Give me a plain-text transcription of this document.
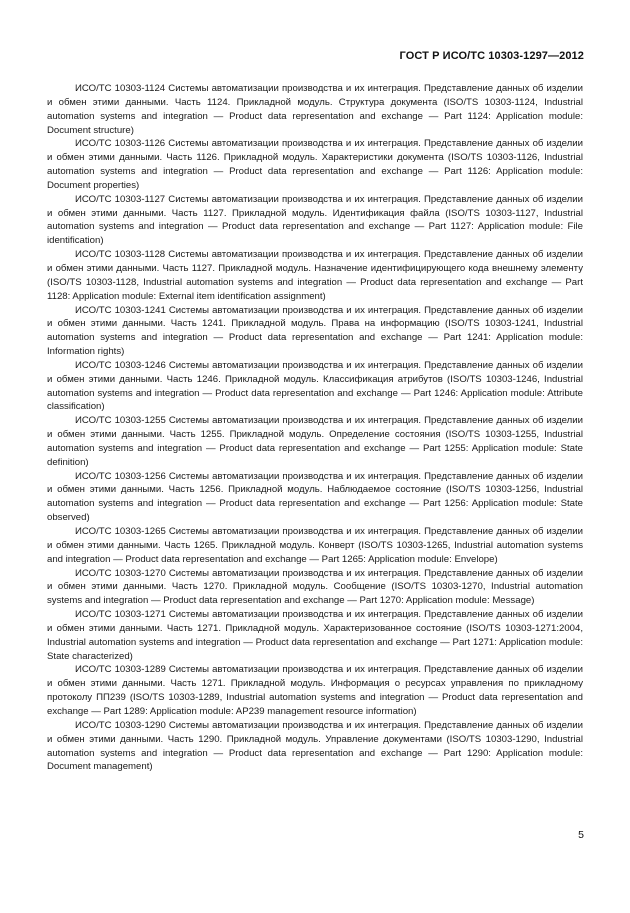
ГОСТ Р ИСО/ТС 10303-1297—2012

ИСО/ТС 10303-1124 Системы автоматизации производства и их интеграция. Представление данных об изделии и обмен этими данными. Часть 1124. Прикладной модуль. Структура документа (ISO/TS 10303-1124, Industrial automation systems and integration — Product data representation and exchange — Part 1124: Application module: Document structure)

ИСО/ТС 10303-1126 Системы автоматизации производства и их интеграция. Представление данных об изделии и обмен этими данными. Часть 1126. Прикладной модуль. Характеристики документа (ISO/TS 10303-1126, Industrial automation systems and integration — Product data representation and exchange — Part 1126: Application module: Document properties)

ИСО/ТС 10303-1127 Системы автоматизации производства и их интеграция. Представление данных об изделии и обмен этими данными. Часть 1127. Прикладной модуль. Идентификация файла (ISO/TS 10303-1127, Industrial automation systems and integration — Product data representation and exchange — Part 1127: Application module: File identification)

ИСО/ТС 10303-1128 Системы автоматизации производства и их интеграция. Представление данных об изделии и обмен этими данными. Часть 1127. Прикладной модуль. Назначение идентифицирующего кода внешнему элементу (ISO/TS 10303-1128, Industrial automation systems and integration — Product data representation and exchange — Part 1128: Application module: External item identification assignment)

ИСО/ТС 10303-1241 Системы автоматизации производства и их интеграция. Представление данных об изделии и обмен этими данными. Часть 1241. Прикладной модуль. Права на информацию (ISO/TS 10303-1241, Industrial automation systems and integration — Product data representation and exchange — Part 1241: Application module: Information rights)

ИСО/ТС 10303-1246 Системы автоматизации производства и их интеграция. Представление данных об изделии и обмен этими данными. Часть 1246. Прикладной модуль. Классификация атрибутов (ISO/TS 10303-1246, Industrial automation systems and integration — Product data representation and exchange — Part 1246: Application module: Attribute classification)

ИСО/ТС 10303-1255 Системы автоматизации производства и их интеграция. Представление данных об изделии и обмен этими данными. Часть 1255. Прикладной модуль. Определение состояния (ISO/TS 10303-1255, Industrial automation systems and integration — Product data representation and exchange — Part 1255: Application module: State definition)

ИСО/ТС 10303-1256 Системы автоматизации производства и их интеграция. Представление данных об изделии и обмен этими данными. Часть 1256. Прикладной модуль. Наблюдаемое состояние (ISO/TS 10303-1256, Industrial automation systems and integration — Product data representation and exchange — Part 1256: Application module: State observed)

ИСО/ТС 10303-1265 Системы автоматизации производства и их интеграция. Представление данных об изделии и обмен этими данными. Часть 1265. Прикладной модуль. Конверт (ISO/TS 10303-1265, Industrial automation systems and integration — Product data representation and exchange — Part 1265: Application module: Envelope)

ИСО/ТС 10303-1270 Системы автоматизации производства и их интеграция. Представление данных об изделии и обмен этими данными. Часть 1270. Прикладной модуль. Сообщение (ISO/TS 10303-1270, Industrial automation systems and integration — Product data representation and exchange — Part 1270: Application module: Message)

ИСО/ТС 10303-1271 Системы автоматизации производства и их интеграция. Представление данных об изделии и обмен этими данными. Часть 1271. Прикладной модуль. Характеризованное состояние (ISO/TS 10303-1271:2004, Industrial automation systems and integration — Product data representation and exchange — Part 1271: Application module: State characterized)

ИСО/ТС 10303-1289 Системы автоматизации производства и их интеграция. Представление данных об изделии и обмен этими данными. Часть 1271. Прикладной модуль. Информация о ресурсах управления по прикладному протоколу ПП239 (ISO/TS 10303-1289, Industrial automation systems and integration — Product data representation and exchange — Part 1289: Application module: AP239 management resource information)

ИСО/ТС 10303-1290 Системы автоматизации производства и их интеграция. Представление данных об изделии и обмен этими данными. Часть 1290. Прикладной модуль. Управление документами (ISO/TS 10303-1290, Industrial automation systems and integration — Product data representation and exchange — Part 1290: Application module: Document management)

5
